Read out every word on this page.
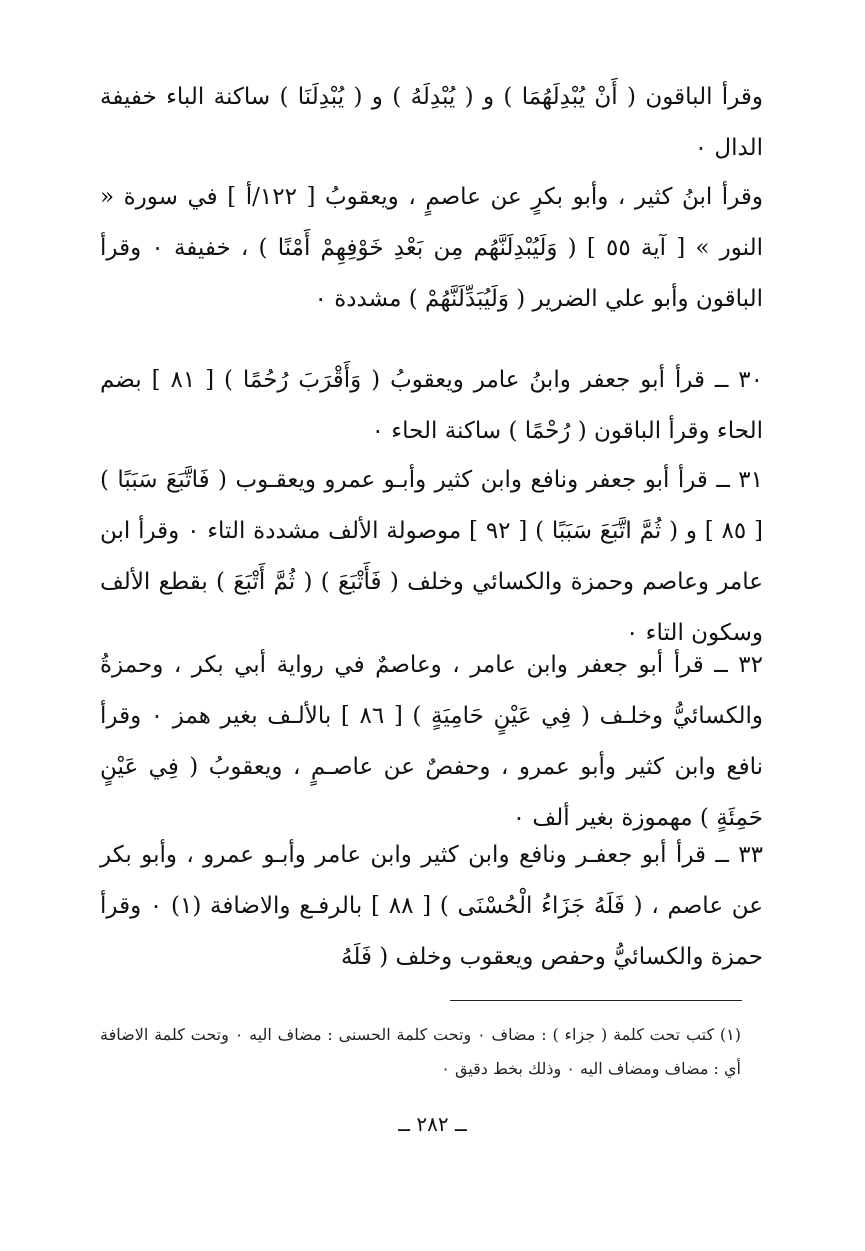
وقرأ الباقون ( أَنْ يُبْدِلَهُمَا ) و ( يُبْدِلَهُ ) و ( يُبْدِلَنَا ) ساكنة الباء خفيفة الدال ٠

وقرأ ابنُ كثير ، وأبو بكرٍ عن عاصمٍ ، ويعقوبُ [ ١٢٢/أ ] في سورة « النور » [ آية ٥٥ ] ( وَلَيُبْدِلَنَّهُم مِن بَعْدِ خَوْفِهِمْ أَمْنًا ) ، خفيفة ٠ وقرأ الباقون وأبو علي الضرير ( وَلَيُبَدِّلَنَّهُمْ ) مشددة ٠

٣٠ ــ قرأ أبو جعفر وابنُ عامر ويعقوبُ ( وَأَقْرَبَ رُحُمًا ) [ ٨١ ] بضم الحاء وقرأ الباقون ( رُحْمًا ) ساكنة الحاء ٠

٣١ ــ قرأ أبو جعفر ونافع وابن كثير وأبـو عمرو ويعقـوب ( فَاتَّبَعَ سَبَبًا ) [ ٨٥ ] و ( ثُمَّ اتَّبَعَ سَبَبًا ) [ ٩٢ ] موصولة الألف مشددة التاء ٠ وقرأ ابن عامر وعاصم وحمزة والكسائي وخلف ( فَأَتْبَعَ ) ( ثُمَّ أَتْبَعَ ) بقطع الألف وسكون التاء ٠

٣٢ ــ قرأ أبو جعفر وابن عامر ، وعاصمٌ في رواية أبي بكر ، وحمزةُ والكسائيُّ وخلـف ( فِي عَيْنٍ حَامِيَةٍ ) [ ٨٦ ] بالألـف بغير همز ٠ وقرأ نافع وابن كثير وأبو عمرو ، وحفصٌ عن عاصـمٍ ، ويعقوبُ ( فِي عَيْنٍ حَمِئَةٍ ) مهموزة بغير ألف ٠

٣٣ ــ قرأ أبو جعفـر ونافع وابن كثير وابن عامر وأبـو عمرو ، وأبو بكر عن عاصم ، ( فَلَهُ جَزَاءُ الْحُسْنَى ) [ ٨٨ ] بالرفـع والاضافة (١) ٠ وقرأ حمزة والكسائيُّ وحفص ويعقوب وخلف ( فَلَهُ

(١) كتب تحت كلمة ( جزاء ) : مضاف ٠ وتحت كلمة الحسنى : مضاف اليه ٠ وتحت كلمة الاضافة أي : مضاف ومضاف اليه ٠ وذلك بخط دقيق ٠

ــ ٢٨٢ ــ
